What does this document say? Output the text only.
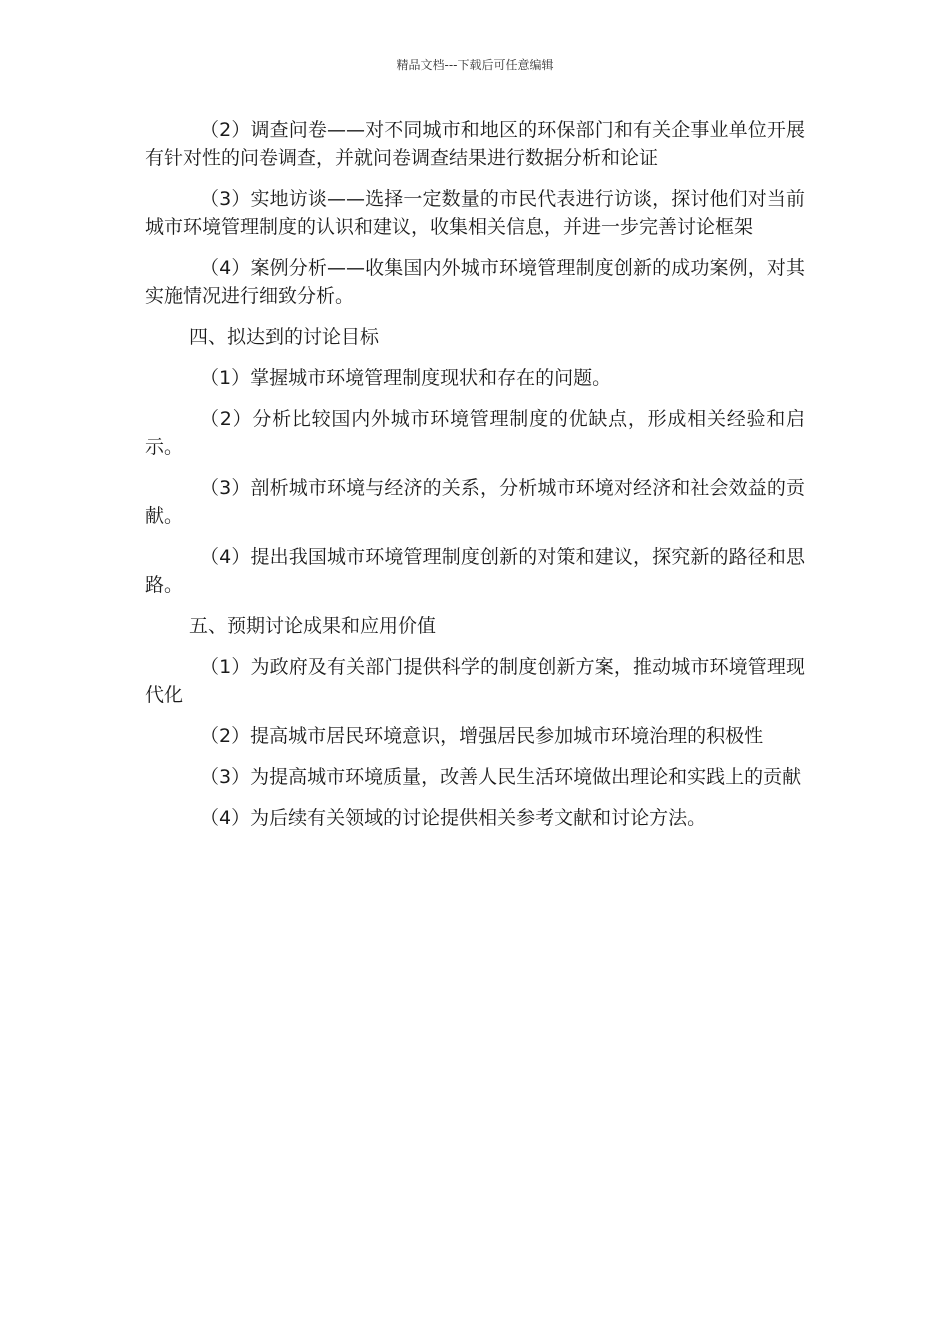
精品文档---下载后可任意编辑

（2）调查问卷——对不同城市和地区的环保部门和有关企事业单位开展有针对性的问卷调查，并就问卷调查结果进行数据分析和论证

（3）实地访谈——选择一定数量的市民代表进行访谈，探讨他们对当前城市环境管理制度的认识和建议，收集相关信息，并进一步完善讨论框架

（4）案例分析——收集国内外城市环境管理制度创新的成功案例，对其实施情况进行细致分析。

四、拟达到的讨论目标

（1）掌握城市环境管理制度现状和存在的问题。

（2）分析比较国内外城市环境管理制度的优缺点，形成相关经验和启示。

（3）剖析城市环境与经济的关系，分析城市环境对经济和社会效益的贡献。

（4）提出我国城市环境管理制度创新的对策和建议，探究新的路径和思路。

五、预期讨论成果和应用价值

（1）为政府及有关部门提供科学的制度创新方案，推动城市环境管理现代化

（2）提高城市居民环境意识，增强居民参加城市环境治理的积极性

（3）为提高城市环境质量，改善人民生活环境做出理论和实践上的贡献

（4）为后续有关领域的讨论提供相关参考文献和讨论方法。
